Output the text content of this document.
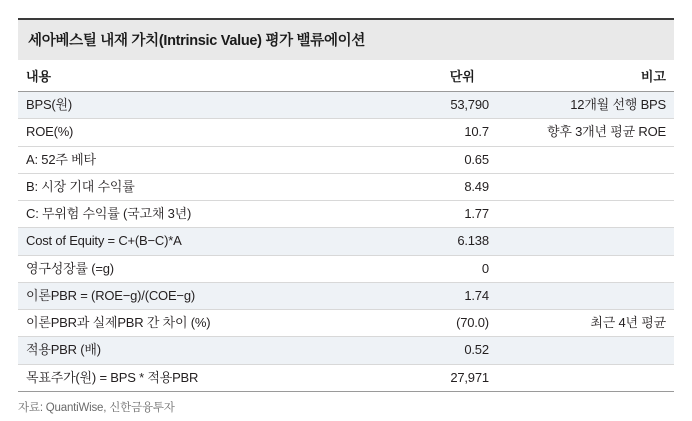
세아베스틸 내재 가치(Intrinsic Value) 평가 밸류에이션
내용	단위	비고
BPS(원)	53,790	12개월 선행 BPS
ROE(%)	10.7	향후 3개년 평균 ROE
A: 52주 베타	0.65	
B: 시장 기대 수익률	8.49	
C: 무위험 수익률 (국고채 3년)	1.77	
Cost of Equity = C+(B−C)*A	6.138	
영구성장률 (=g)	0	
이론PBR = (ROE−g)/(COE−g)	1.74	
이론PBR과 실제PBR 간 차이 (%)	(70.0)	최근 4년 평균
적용PBR (배)	0.52	
목표주가(원) = BPS * 적용PBR	27,971	
자료: QuantiWise, 신한금융투자
